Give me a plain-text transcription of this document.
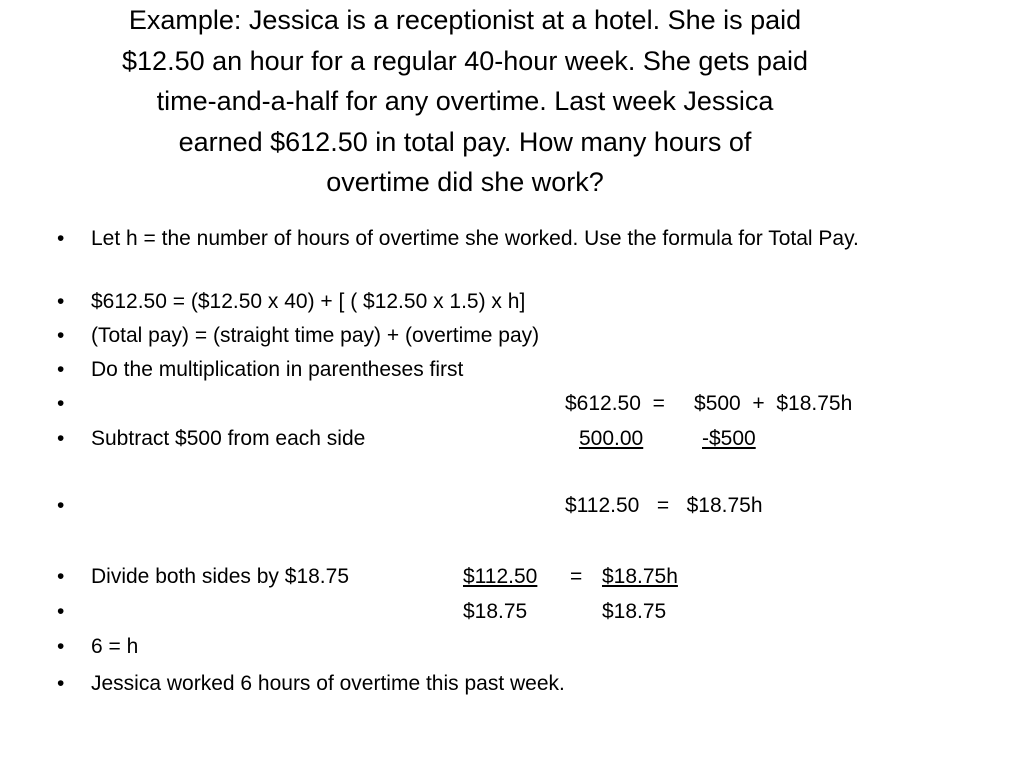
Example: Jessica is a receptionist at a hotel. She is paid
$12.50 an hour for a regular 40-hour week. She gets paid
time-and-a-half for any overtime. Last week Jessica
earned $612.50 in total pay. How many hours of
overtime did she work?
• Let h = the number of hours of overtime she worked. Use the formula for Total Pay.
• $612.50 = ($12.50 x 40) + [ ( $12.50 x 1.5) x h]
• (Total pay) = (straight time pay) + (overtime pay)
• Do the multiplication in parentheses first
•	$612.50  =     $500  +  $18.75h
• Subtract $500 from each side	500.00	-$500
•	$112.50   =   $18.75h
• Divide both sides by $18.75	$112.50 = $18.75h
•	$18.75	$18.75
• 6 = h
• Jessica worked 6 hours of overtime this past week.
